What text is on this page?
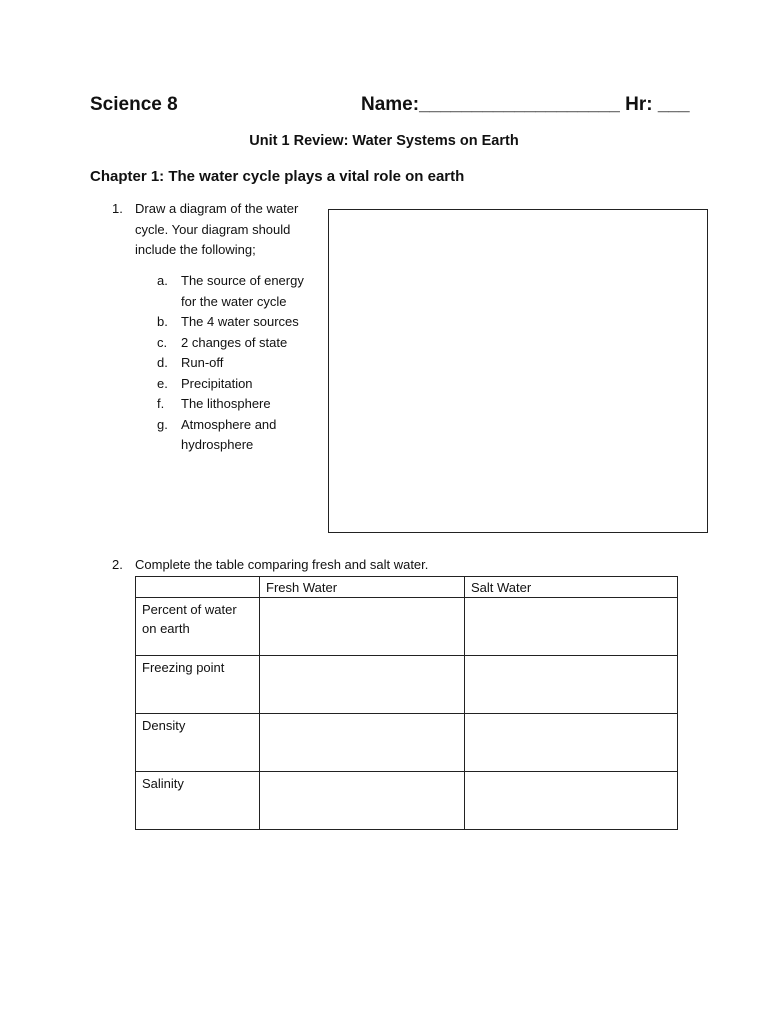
Science 8	Name:___________________ Hr: ___
Unit 1 Review: Water Systems on Earth
Chapter 1: The water cycle plays a vital role on earth
1. Draw a diagram of the water cycle. Your diagram should include the following;
a.	The source of energy for the water cycle
b.	The 4 water sources
c.	2 changes of state
d.	Run-off
e.	Precipitation
f.	The lithosphere
g.	Atmosphere and hydrosphere
2. Complete the table comparing fresh and salt water.
	Fresh Water	Salt Water
Percent of water on earth		
Freezing point		
Density		
Salinity		
